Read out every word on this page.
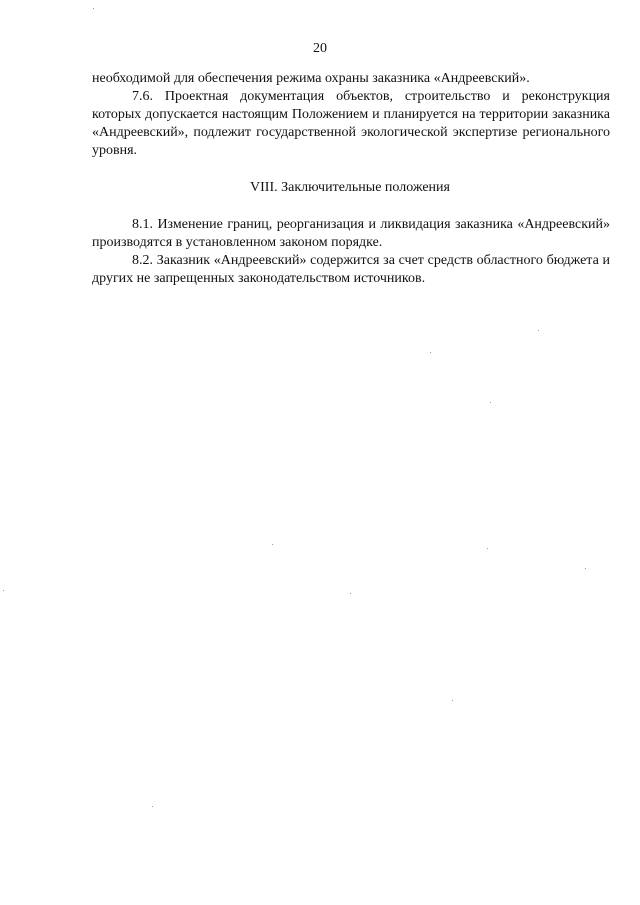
20

необходимой для обеспечения режима охраны заказника «Андреевский».

7.6. Проектная документация объектов, строительство и реконструкция которых допускается настоящим Положением и планируется на территории заказника «Андреевский», подлежит государственной экологической экспертизе регионального уровня.

VIII. Заключительные положения

8.1. Изменение границ, реорганизация и ликвидация заказника «Андреевский» производятся в установленном законом порядке.

8.2. Заказник «Андреевский» содержится за счет средств областного бюджета и других не запрещенных законодательством источников.
